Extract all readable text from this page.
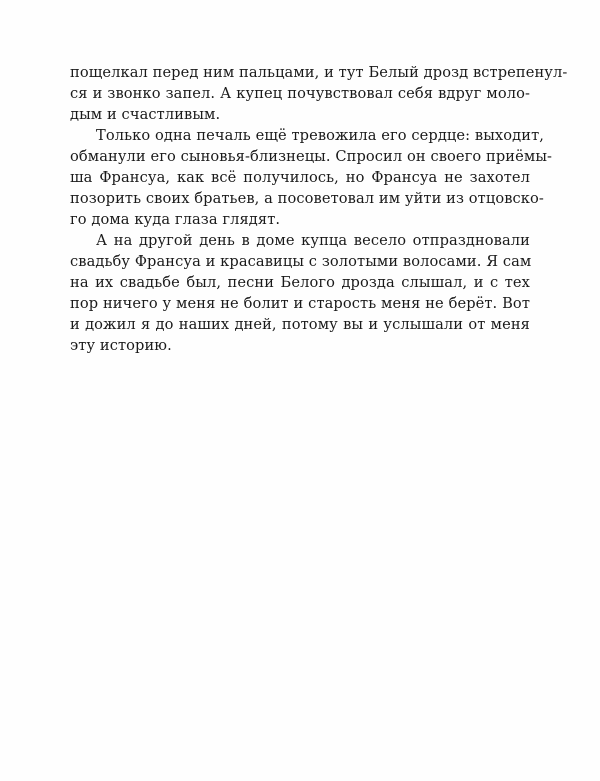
пощелкал перед ним пальцами, и тут Белый дрозд встрепенул-
ся и звонко запел. А купец почувствовал себя вдруг моло-
дым и счастливым.
Только одна печаль ещё тревожила его сердце: выходит,
обманули его сыновья-близнецы. Спросил он своего приёмы-
ша Франсуа, как всё получилось, но Франсуа не захотел
позорить своих братьев, а посоветовал им уйти из отцовско-
го дома куда глаза глядят.
А на другой день в доме купца весело отпраздновали
свадьбу Франсуа и красавицы с золотыми волосами. Я сам
на их свадьбе был, песни Белого дрозда слышал, и с тех
пор ничего у меня не болит и старость меня не берёт. Вот
и дожил я до наших дней, потому вы и услышали от меня
эту историю.
